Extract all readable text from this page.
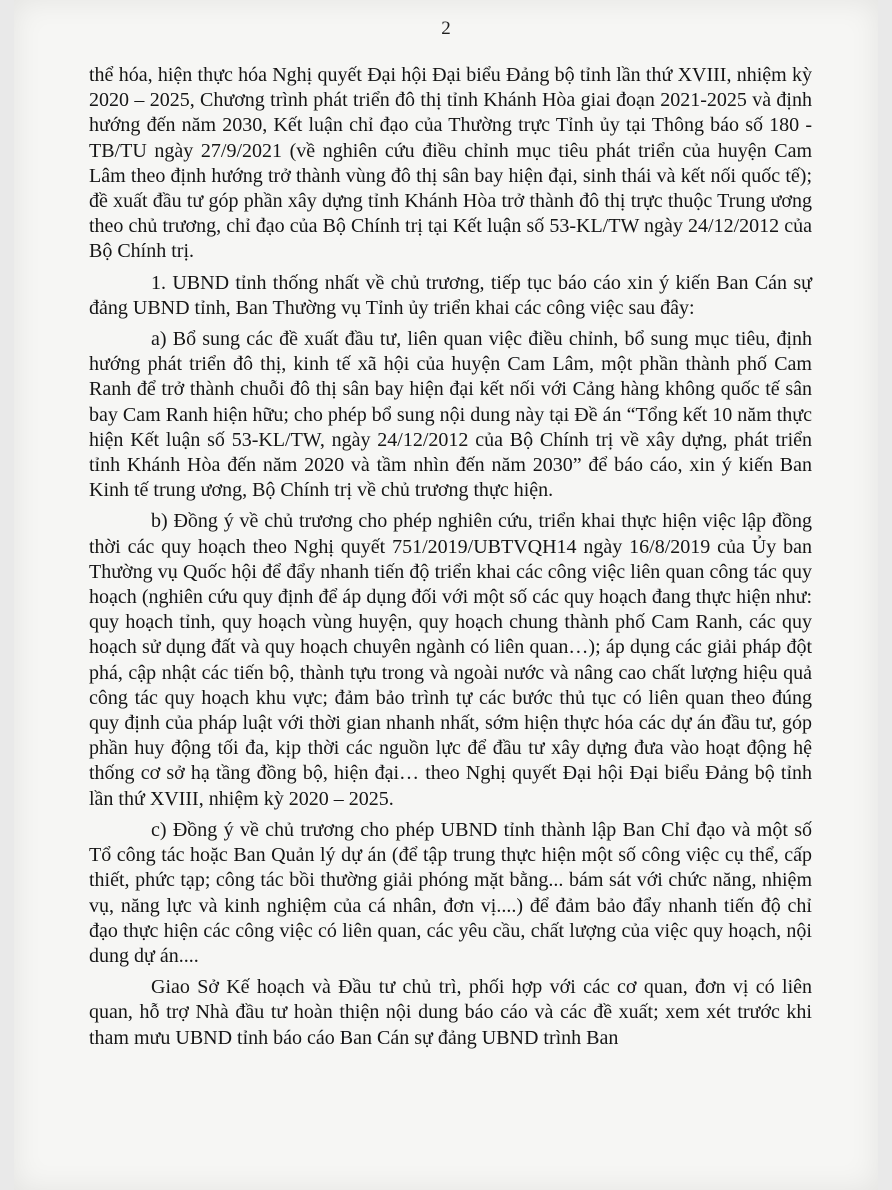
2

thể hóa, hiện thực hóa Nghị quyết Đại hội Đại biểu Đảng bộ tỉnh lần thứ XVIII, nhiệm kỳ 2020 – 2025, Chương trình phát triển đô thị tỉnh Khánh Hòa giai đoạn 2021-2025 và định hướng đến năm 2030, Kết luận chỉ đạo của Thường trực Tỉnh ủy tại Thông báo số 180 -TB/TU ngày 27/9/2021 (về nghiên cứu điều chỉnh mục tiêu phát triển của huyện Cam Lâm theo định hướng trở thành vùng đô thị sân bay hiện đại, sinh thái và kết nối quốc tế); đề xuất đầu tư góp phần xây dựng tỉnh Khánh Hòa trở thành đô thị trực thuộc Trung ương theo chủ trương, chỉ đạo của Bộ Chính trị tại Kết luận số 53-KL/TW ngày 24/12/2012 của Bộ Chính trị.

1. UBND tỉnh thống nhất về chủ trương, tiếp tục báo cáo xin ý kiến Ban Cán sự đảng UBND tỉnh, Ban Thường vụ Tỉnh ủy triển khai các công việc sau đây:

a) Bổ sung các đề xuất đầu tư, liên quan việc điều chỉnh, bổ sung mục tiêu, định hướng phát triển đô thị, kinh tế xã hội của huyện Cam Lâm, một phần thành phố Cam Ranh để trở thành chuỗi đô thị sân bay hiện đại kết nối với Cảng hàng không quốc tế sân bay Cam Ranh hiện hữu; cho phép bổ sung nội dung này tại Đề án “Tổng kết 10 năm thực hiện Kết luận số 53-KL/TW, ngày 24/12/2012 của Bộ Chính trị về xây dựng, phát triển tỉnh Khánh Hòa đến năm 2020 và tầm nhìn đến năm 2030” để báo cáo, xin ý kiến Ban Kinh tế trung ương, Bộ Chính trị về chủ trương thực hiện.

b) Đồng ý về chủ trương cho phép nghiên cứu, triển khai thực hiện việc lập đồng thời các quy hoạch theo Nghị quyết 751/2019/UBTVQH14 ngày 16/8/2019 của Ủy ban Thường vụ Quốc hội để đẩy nhanh tiến độ triển khai các công việc liên quan công tác quy hoạch (nghiên cứu quy định để áp dụng đối với một số các quy hoạch đang thực hiện như: quy hoạch tỉnh, quy hoạch vùng huyện, quy hoạch chung thành phố Cam Ranh, các quy hoạch sử dụng đất và quy hoạch chuyên ngành có liên quan…); áp dụng các giải pháp đột phá, cập nhật các tiến bộ, thành tựu trong và ngoài nước và nâng cao chất lượng hiệu quả công tác quy hoạch khu vực; đảm bảo trình tự các bước thủ tục có liên quan theo đúng quy định của pháp luật với thời gian nhanh nhất, sớm hiện thực hóa các dự án đầu tư, góp phần huy động tối đa, kịp thời các nguồn lực để đầu tư xây dựng đưa vào hoạt động hệ thống cơ sở hạ tầng đồng bộ, hiện đại… theo Nghị quyết Đại hội Đại biểu Đảng bộ tỉnh lần thứ XVIII, nhiệm kỳ 2020 – 2025.

c) Đồng ý về chủ trương cho phép UBND tỉnh thành lập Ban Chỉ đạo và một số Tổ công tác hoặc Ban Quản lý dự án (để tập trung thực hiện một số công việc cụ thể, cấp thiết, phức tạp; công tác bồi thường giải phóng mặt bằng... bám sát với chức năng, nhiệm vụ, năng lực và kinh nghiệm của cá nhân, đơn vị....) để đảm bảo đẩy nhanh tiến độ chỉ đạo thực hiện các công việc có liên quan, các yêu cầu, chất lượng của việc quy hoạch, nội dung dự án....

Giao Sở Kế hoạch và Đầu tư chủ trì, phối hợp với các cơ quan, đơn vị có liên quan, hỗ trợ Nhà đầu tư hoàn thiện nội dung báo cáo và các đề xuất; xem xét trước khi tham mưu UBND tỉnh báo cáo Ban Cán sự đảng UBND trình Ban
